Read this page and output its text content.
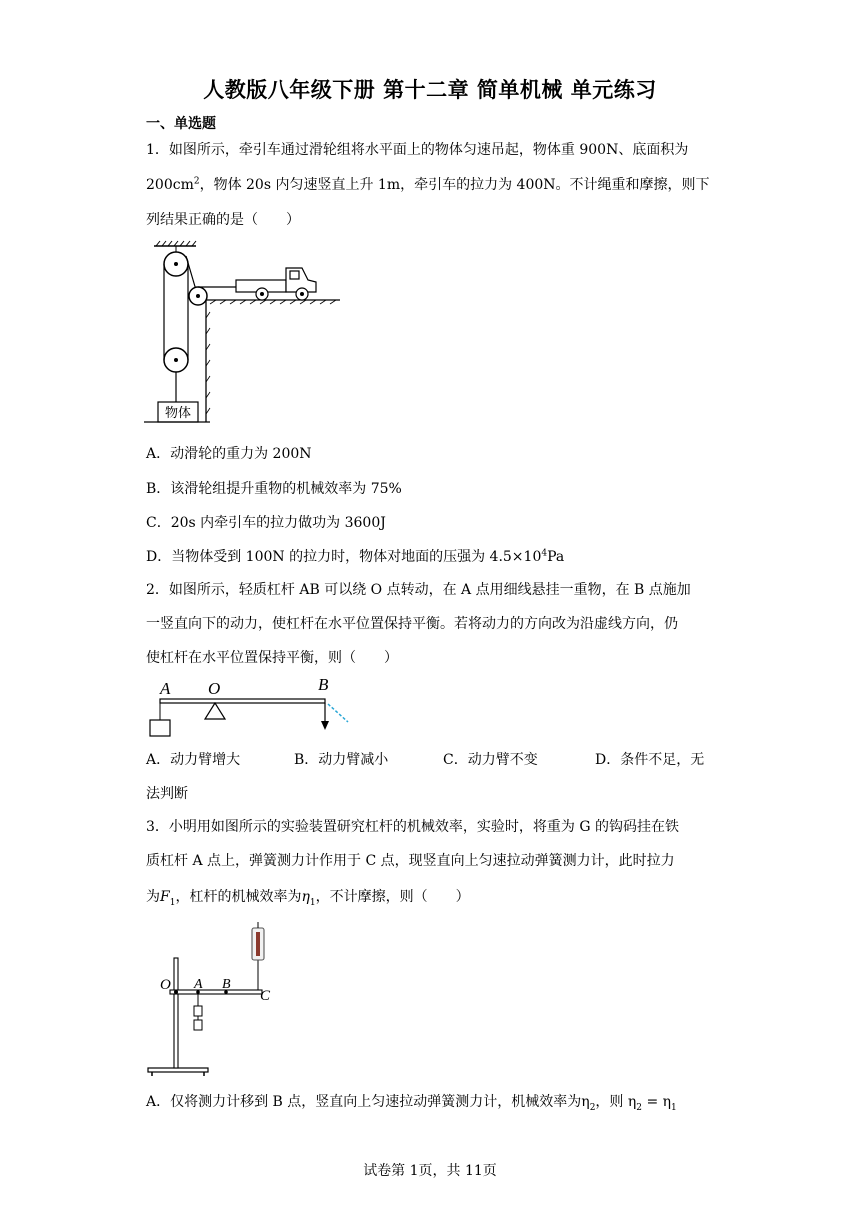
人教版八年级下册 第十二章 简单机械 单元练习
一、单选题
1．如图所示，牵引车通过滑轮组将水平面上的物体匀速吊起，物体重 900N、底面积为
$200cm^2$，物体 20s 内匀速竖直上升 1m，牵引车的拉力为 400N。不计绳重和摩擦，则下
列结果正确的是（　　）
物体
A．动滑轮的重力为 200N
B．该滑轮组提升重物的机械效率为 75%
C．20s 内牵引车的拉力做功为 3600J
D．当物体受到 100N 的拉力时，物体对地面的压强为 $4.5\times 10^4Pa$
2．如图所示，轻质杠杆 AB 可以绕 O 点转动，在 A 点用细线悬挂一重物，在 B 点施加
一竖直向下的动力，使杠杆在水平位置保持平衡。若将动力的方向改为沿虚线方向，仍
使杠杆在水平位置保持平衡，则（　　）
A O	B
A．动力臂增大	B．动力臂减小	C．动力臂不变	D．条件不足，无
法判断
3．小明用如图所示的实验装置研究杠杆的机械效率，实验时，将重为 G 的钩码挂在铁
质杠杆 A 点上，弹簧测力计作用于 C 点，现竖直向上匀速拉动弹簧测力计，此时拉力
为$F_1$，杠杆的机械效率为$\eta_1$，不计摩擦，则（　　）
O A B
C
A．仅将测力计移到 B 点，竖直向上匀速拉动弹簧测力计，机械效率为$\eta_2$，则 $\eta_2 = \eta_1$
试卷第 1页，共 11页
